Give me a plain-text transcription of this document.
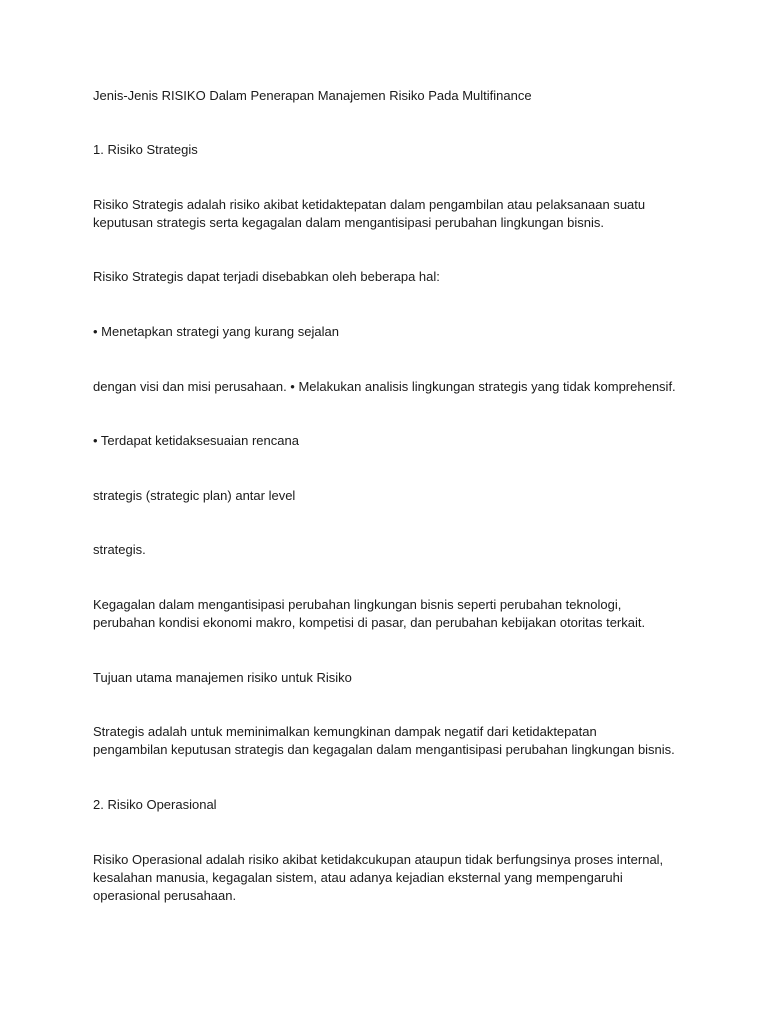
Jenis-Jenis RISIKO Dalam Penerapan Manajemen Risiko Pada Multifinance

1. Risiko Strategis

Risiko Strategis adalah risiko akibat ketidaktepatan dalam pengambilan atau pelaksanaan suatu
keputusan strategis serta kegagalan dalam mengantisipasi perubahan lingkungan bisnis.

Risiko Strategis dapat terjadi disebabkan oleh beberapa hal:

• Menetapkan strategi yang kurang sejalan

dengan visi dan misi perusahaan. • Melakukan analisis lingkungan strategis yang tidak komprehensif.

• Terdapat ketidaksesuaian rencana

strategis (strategic plan) antar level

strategis.

Kegagalan dalam mengantisipasi perubahan lingkungan bisnis seperti perubahan teknologi,
perubahan kondisi ekonomi makro, kompetisi di pasar, dan perubahan kebijakan otoritas terkait.

Tujuan utama manajemen risiko untuk Risiko

Strategis adalah untuk meminimalkan kemungkinan dampak negatif dari ketidaktepatan
pengambilan keputusan strategis dan kegagalan dalam mengantisipasi perubahan lingkungan bisnis.

2. Risiko Operasional

Risiko Operasional adalah risiko akibat ketidakcukupan ataupun tidak berfungsinya proses internal,
kesalahan manusia, kegagalan sistem, atau adanya kejadian eksternal yang mempengaruhi
operasional perusahaan.
